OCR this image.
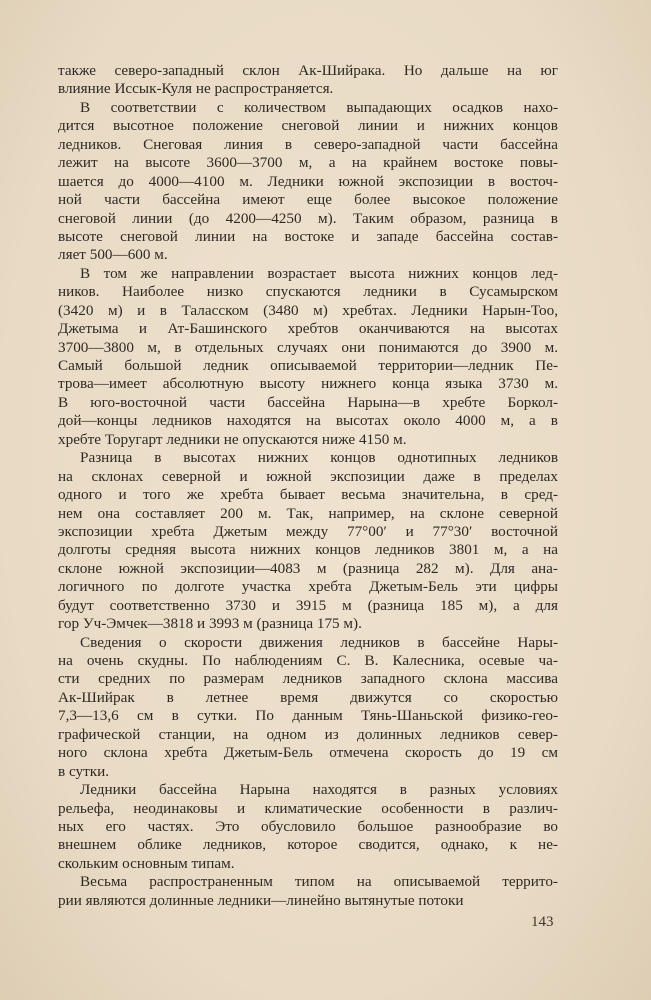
также северо-западный склон Ак-Шийрака. Но дальше на юг
влияние Иссык-Куля не распространяется.
В соответствии с количеством выпадающих осадков нахо-
дится высотное положение снеговой линии и нижних концов
ледников. Снеговая линия в северо-западной части бассейна
лежит на высоте 3600—3700 м, а на крайнем востоке повы-
шается до 4000—4100 м. Ледники южной экспозиции в восточ-
ной части бассейна имеют еще более высокое положение
снеговой линии (до 4200—4250 м). Таким образом, разница в
высоте снеговой линии на востоке и западе бассейна состав-
ляет 500—600 м.
В том же направлении возрастает высота нижних концов лед-
ников. Наиболее низко спускаются ледники в Сусамырском
(3420 м) и в Таласском (3480 м) хребтах. Ледники Нарын-Тоо,
Джетыма и Ат-Башинского хребтов оканчиваются на высотах
3700—3800 м, в отдельных случаях они понимаются до 3900 м.
Самый большой ледник описываемой территории—ледник Пе-
трова—имеет абсолютную высоту нижнего конца языка 3730 м.
В юго-восточной части бассейна Нарына—в хребте Боркол-
дой—концы ледников находятся на высотах около 4000 м, а в
хребте Торугарт ледники не опускаются ниже 4150 м.
Разница в высотах нижних концов однотипных ледников
на склонах северной и южной экспозиции даже в пределах
одного и того же хребта бывает весьма значительна, в сред-
нем она составляет 200 м. Так, например, на склоне северной
экспозиции хребта Джетым между 77°00′ и 77°30′ восточной
долготы средняя высота нижних концов ледников 3801 м, а на
склоне южной экспозиции—4083 м (разница 282 м). Для ана-
логичного по долготе участка хребта Джетым-Бель эти цифры
будут соответственно 3730 и 3915 м (разница 185 м), а для
гор Уч-Эмчек—3818 и 3993 м (разница 175 м).
Сведения о скорости движения ледников в бассейне Нары-
на очень скудны. По наблюдениям С. В. Калесника, осевые ча-
сти средних по размерам ледников западного склона массива
Ак-Шийрак в летнее время движутся со скоростью
7,3—13,6 см в сутки. По данным Тянь-Шаньской физико-гео-
графической станции, на одном из долинных ледников север-
ного склона хребта Джетым-Бель отмечена скорость до 19 см
в сутки.
Ледники бассейна Нарына находятся в разных условиях
рельефа, неодинаковы и климатические особенности в различ-
ных его частях. Это обусловило большое разнообразие во
внешнем облике ледников, которое сводится, однако, к не-
скольким основным типам.
Весьма распространенным типом на описываемой террито-
рии являются долинные ледники—линейно вытянутые потоки
143
